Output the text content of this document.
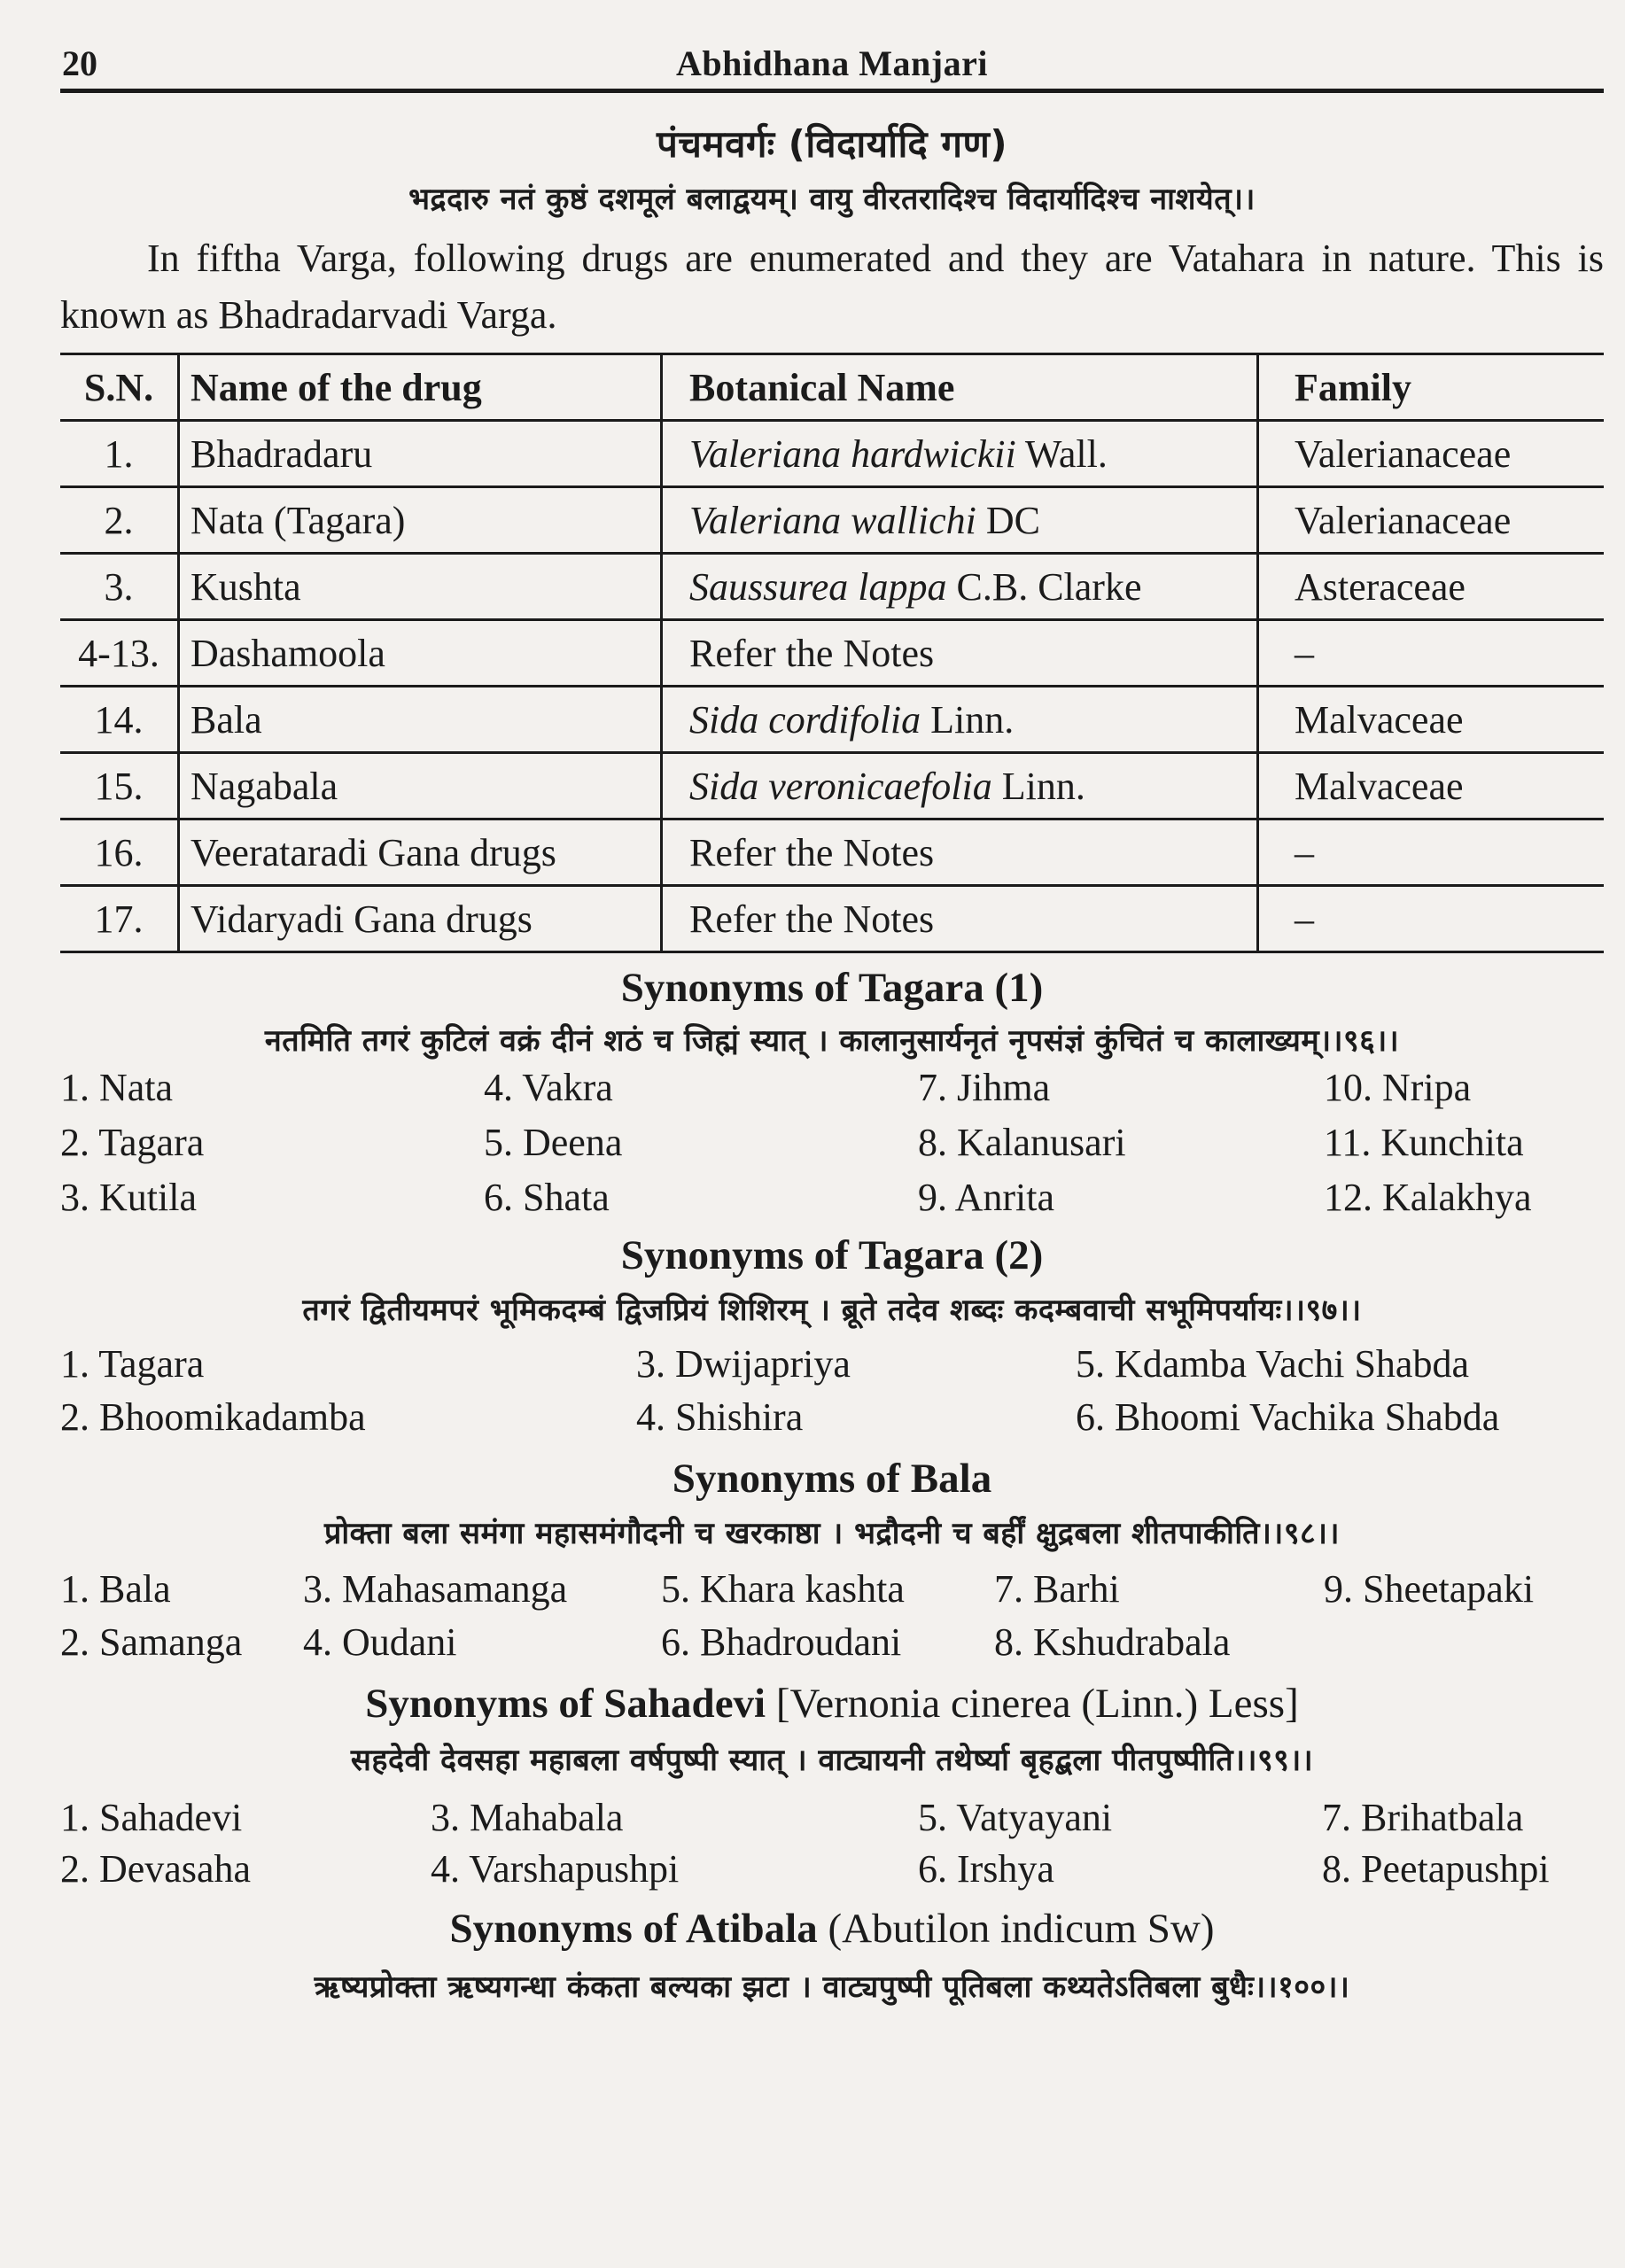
20	Abhidhana Manjari
पंचमवर्गः (विदार्यादि गण)
भद्रदारु नतं कुष्ठं दशमूलं बलाद्वयम्। वायु वीरतरादिश्च विदार्यादिश्च नाशयेत्।।

In fiftha Varga, following drugs are enumerated and they are Vatahara in nature. This is known as Bhadradarvadi Varga.

S.N.	Name of the drug	Botanical Name	Family
1.	Bhadradaru	Valeriana hardwickii Wall.	Valerianaceae
2.	Nata (Tagara)	Valeriana wallichi DC	Valerianaceae
3.	Kushta	Saussurea lappa C.B. Clarke	Asteraceae
4-13.	Dashamoola	Refer the Notes	–
14.	Bala	Sida cordifolia Linn.	Malvaceae
15.	Nagabala	Sida veronicaefolia Linn.	Malvaceae
16.	Veerataradi Gana drugs	Refer the Notes	–
17.	Vidaryadi Gana drugs	Refer the Notes	–
Synonyms of Tagara (1)
नतमिति तगरं कुटिलं वक्रं दीनं शठं च जिह्मं स्यात् । कालानुसार्यनृतं नृपसंज्ञं कुंचितं च कालाख्यम्।।९६।।
1. Nata
2. Tagara
3. Kutila
4. Vakra
5. Deena
6. Shata
7. Jihma
8. Kalanusari
9. Anrita
10. Nripa
11. Kunchita
12. Kalakhya
Synonyms of Tagara (2)
तगरं द्वितीयमपरं भूमिकदम्बं द्विजप्रियं शिशिरम् । ब्रूते तदेव शब्दः कदम्बवाची सभूमिपर्यायः।।९७।।
1. Tagara
2. Bhoomikadamba
3. Dwijapriya
4. Shishira
5. Kdamba Vachi Shabda
6. Bhoomi Vachika Shabda
Synonyms of Bala
प्रोक्ता बला समंगा महासमंगौदनी च खरकाष्ठा । भद्रौदनी च बर्हीं क्षुद्रबला शीतपाकीति।।९८।।
1. Bala
2. Samanga
3. Mahasamanga
4. Oudani
5. Khara kashta
6. Bhadroudani
7. Barhi
8. Kshudrabala
9. Sheetapaki
Synonyms of Sahadevi [Vernonia cinerea (Linn.) Less]
सहदेवी देवसहा महाबला वर्षपुष्पी स्यात् । वाट्यायनी तथेर्ष्या बृहद्बला पीतपुष्पीति।।९९।।
1. Sahadevi
2. Devasaha
3. Mahabala
4. Varshapushpi
5. Vatyayani
6. Irshya
7. Brihatbala
8. Peetapushpi
Synonyms of Atibala (Abutilon indicum Sw)
ऋष्यप्रोक्ता ऋष्यगन्धा कंकता बल्यका झटा । वाट्यपुष्पी पूतिबला कथ्यतेऽतिबला बुधैः।।१००।।
